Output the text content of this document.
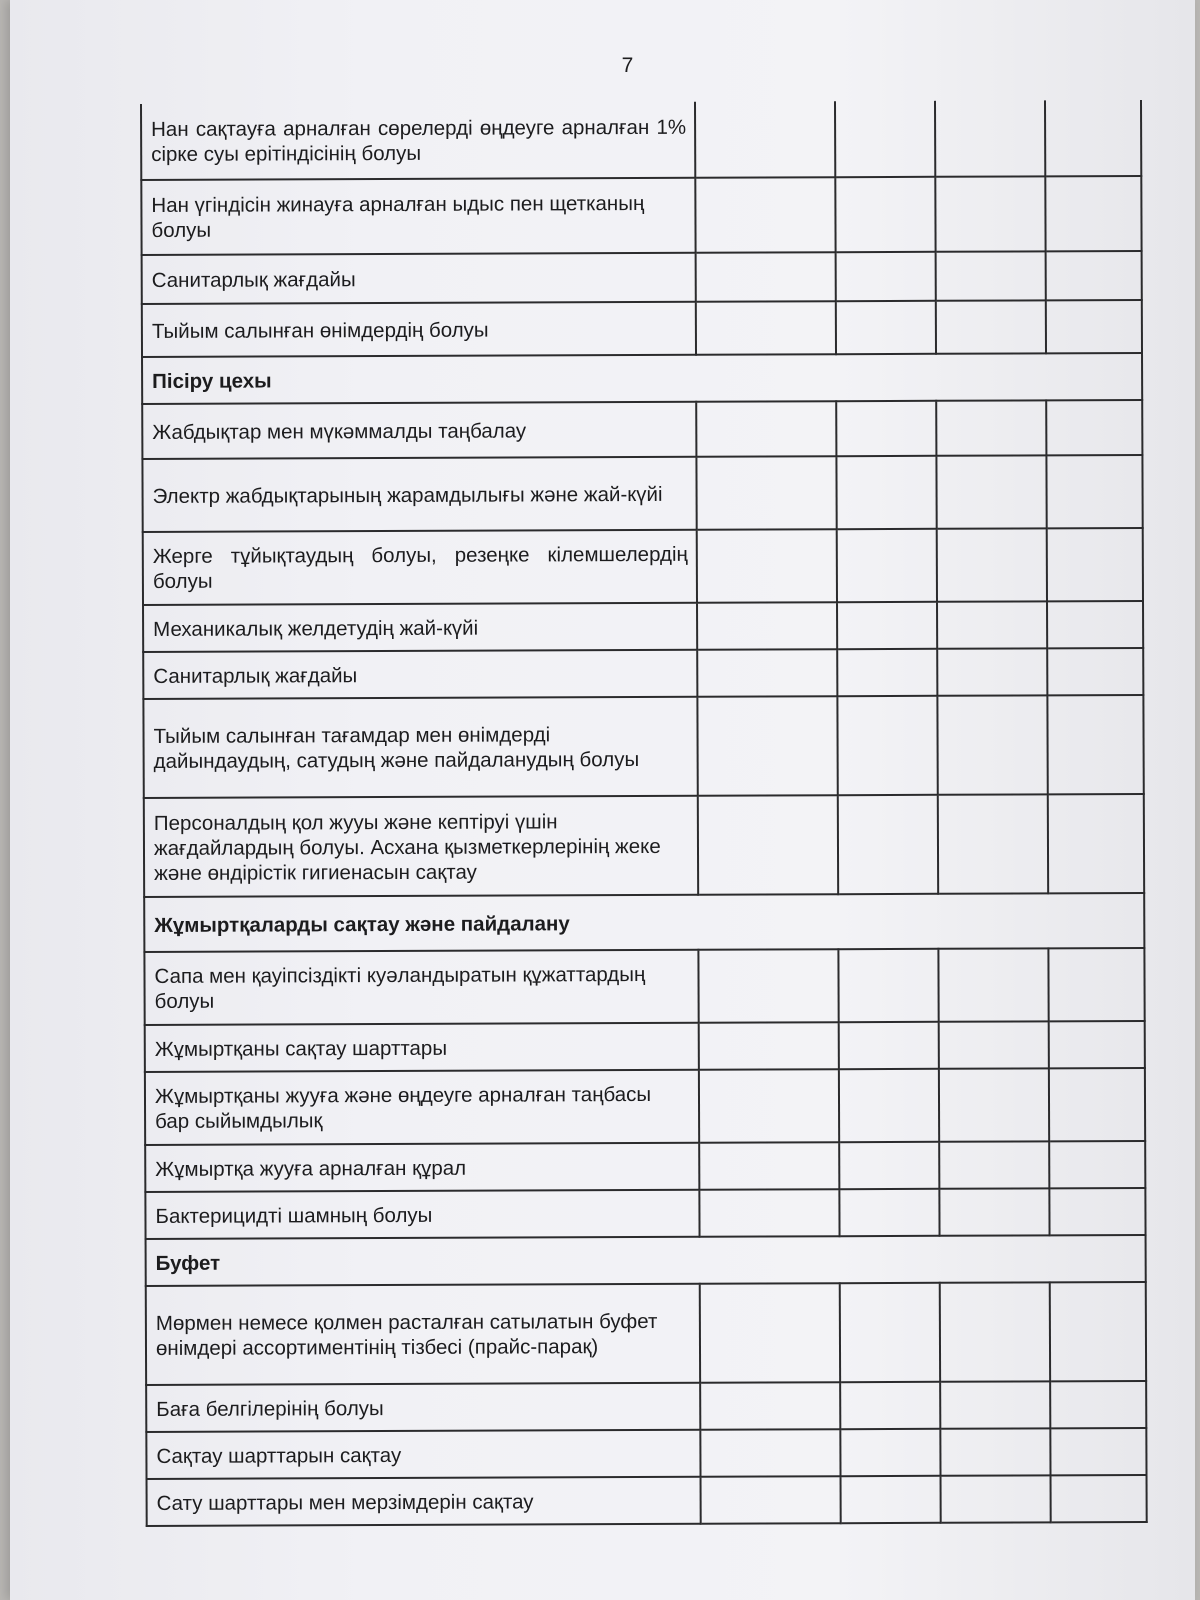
7
Нан сақтауға арналған сөрелерді өңдеуге арналған 1% сірке суы ерітіндісінің болуы				
Нан үгіндісін жинауға арналған ыдыс пен щетканың болуы				
Санитарлық жағдайы				
Тыйым салынған өнімдердің болуы				
Пісіру цехы				
Жабдықтар мен мүкәммалды таңбалау				
Электр жабдықтарының жарамдылығы және жай-күйі				
Жерге тұйықтаудың болуы, резеңке кілемшелердің болуы				
Механикалық желдетудің жай-күйі				
Санитарлық жағдайы				
Тыйым салынған тағамдар мен өнімдерді дайындаудың, сатудың және пайдаланудың болуы				
Персоналдың қол жууы және кептіруі үшін жағдайлардың болуы. Асхана қызметкерлерінің жеке және өндірістік гигиенасын сақтау				
Жұмыртқаларды сақтау және пайдалану				
Сапа мен қауіпсіздікті куәландыратын құжаттардың болуы				
Жұмыртқаны сақтау шарттары				
Жұмыртқаны жууға және өңдеуге арналған таңбасы бар сыйымдылық				
Жұмыртқа жууға арналған құрал				
Бактерицидті шамның болуы				
Буфет				
Мөрмен немесе қолмен расталған сатылатын буфет өнімдері ассортиментінің тізбесі (прайс-парақ)				
Баға белгілерінің болуы				
Сақтау шарттарын сақтау				
Сату шарттары мен мерзімдерін сақтау				
